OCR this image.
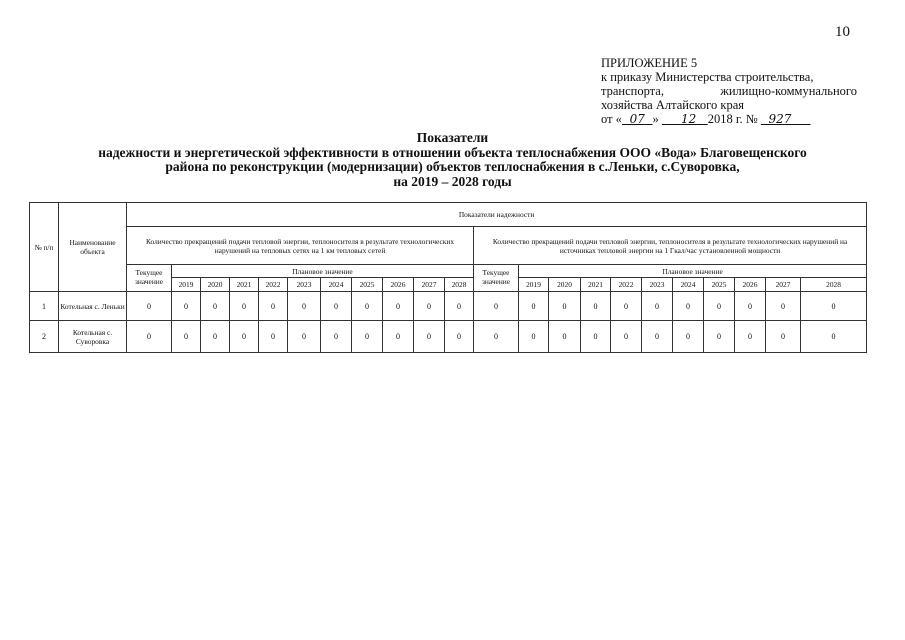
10
ПРИЛОЖЕНИЕ 5
к приказу Министерства строительства,
транспорта, жилищно-коммунального
хозяйства Алтайского края
от « 07 » 12 2018 г. № 927
Показатели
надежности и энергетической эффективности в отношении объекта теплоснабжения ООО «Вода» Благовещенского
района по реконструкции (модернизации) объектов теплоснабжения в с.Леньки, с.Суворовка,
на 2019 – 2028 годы
№ п/п	Наименование объекта	Показатели надежности																					
		Количество прекращений подачи тепловой энергии, теплоносителя в результате технологических нарушений на тепловых сетях на 1 км тепловых сетей											Количество прекращений подачи тепловой энергии, теплоносителя в результате технологических нарушений на источниках тепловой энергии на 1 Гкал/час установленной мощности										
		Текущее значение	Плановое значение										Текущее значение	Плановое значение									
			2019	2020	2021	2022	2023	2024	2025	2026	2027	2028		2019	2020	2021	2022	2023	2024	2025	2026	2027	2028
1	Котельная с. Леньки	0	0	0	0	0	0	0	0	0	0	0	0	0	0	0	0	0	0	0	0	0	0
2	Котельная с. Суворовка	0	0	0	0	0	0	0	0	0	0	0	0	0	0	0	0	0	0	0	0	0	0
